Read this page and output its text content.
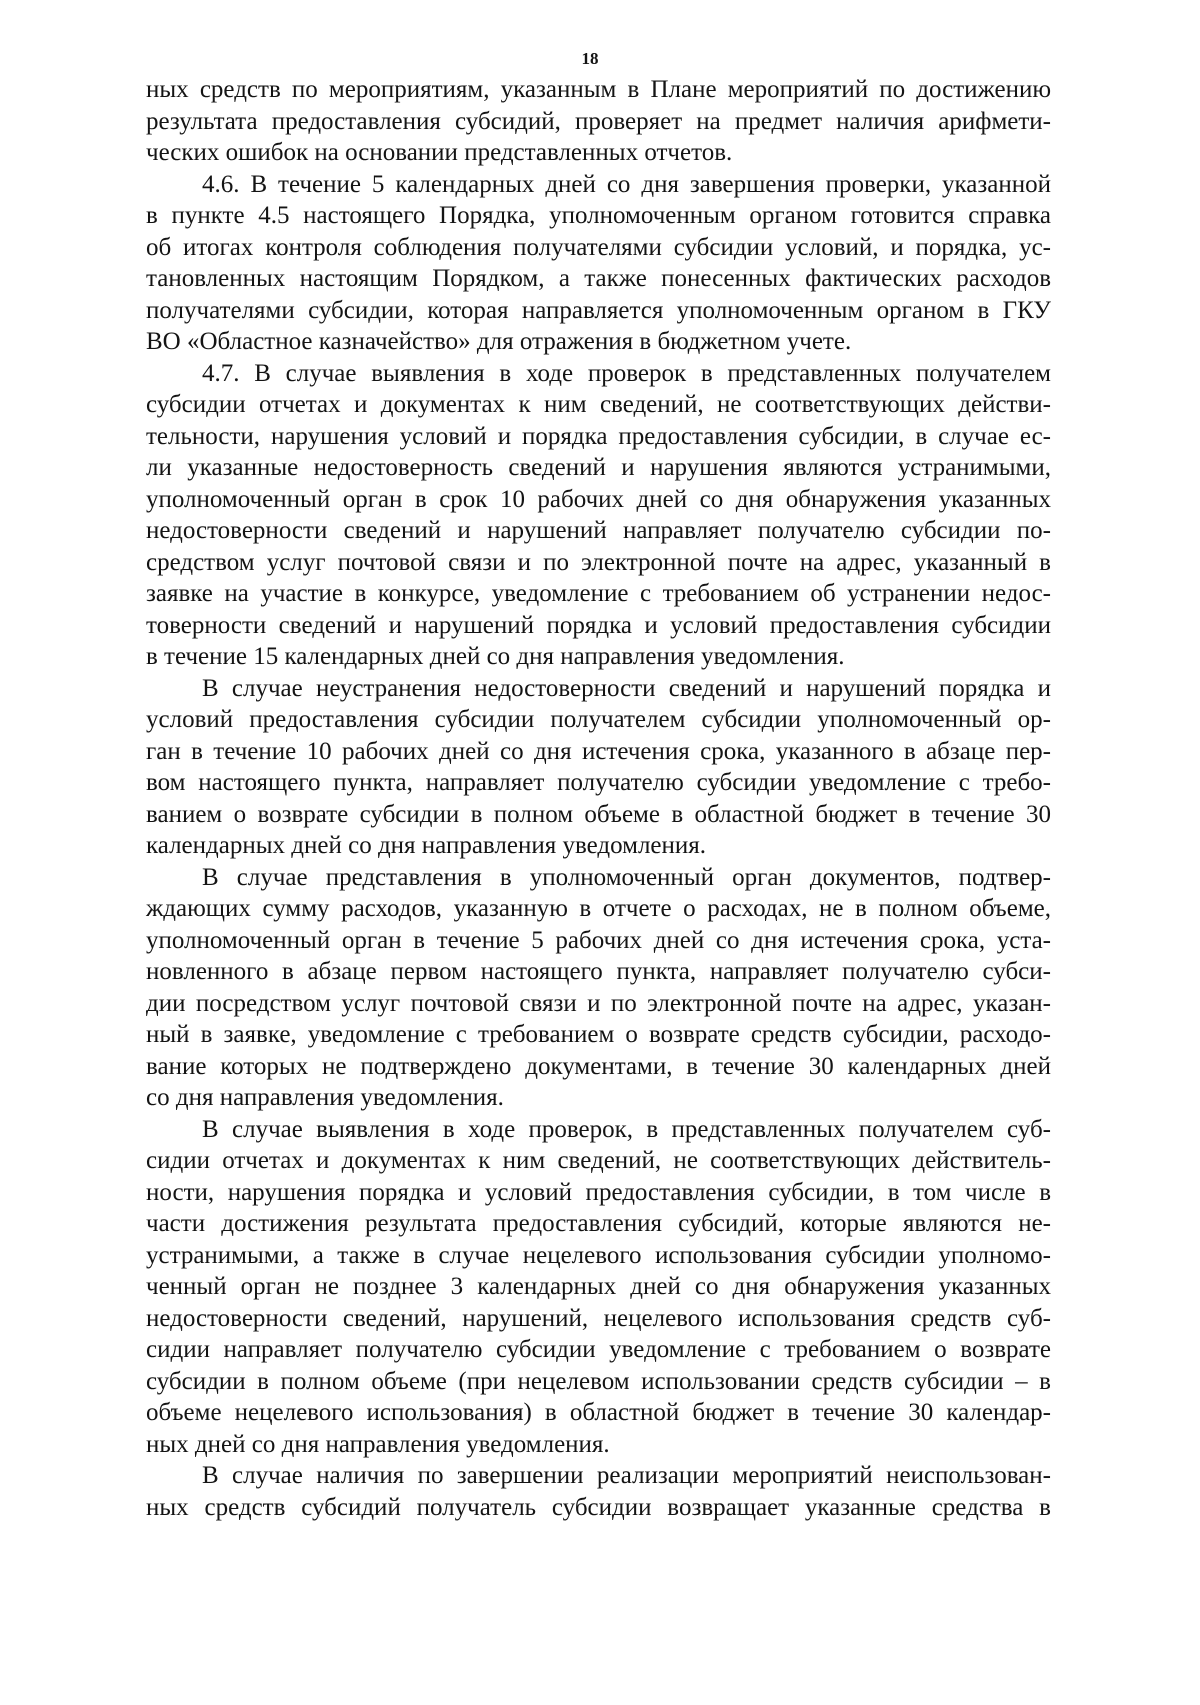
18
ных средств по мероприятиям, указанным в Плане мероприятий по достижению
результата предоставления субсидий, проверяет на предмет наличия арифмети-
ческих ошибок на основании представленных отчетов.
4.6. В течение 5 календарных дней со дня завершения проверки, указанной
в пункте 4.5 настоящего Порядка, уполномоченным органом готовится справка
об итогах контроля соблюдения получателями субсидии условий, и порядка, ус-
тановленных настоящим Порядком, а также понесенных фактических расходов
получателями субсидии, которая направляется уполномоченным органом в ГКУ
ВО «Областное казначейство» для отражения в бюджетном учете.
4.7. В случае выявления в ходе проверок в представленных получателем
субсидии отчетах и документах к ним сведений, не соответствующих действи-
тельности, нарушения условий и порядка предоставления субсидии, в случае ес-
ли указанные недостоверность сведений и нарушения являются устранимыми,
уполномоченный орган в срок 10 рабочих дней со дня обнаружения указанных
недостоверности сведений и нарушений направляет получателю субсидии по-
средством услуг почтовой связи и по электронной почте на адрес, указанный в
заявке на участие в конкурсе, уведомление с требованием об устранении недос-
товерности сведений и нарушений порядка и условий предоставления субсидии
в течение 15 календарных дней со дня направления уведомления.
В случае неустранения недостоверности сведений и нарушений порядка и
условий предоставления субсидии получателем субсидии уполномоченный ор-
ган в течение 10 рабочих дней со дня истечения срока, указанного в абзаце пер-
вом настоящего пункта, направляет получателю субсидии уведомление с требо-
ванием о возврате субсидии в полном объеме в областной бюджет в течение 30
календарных дней со дня направления уведомления.
В случае представления в уполномоченный орган документов, подтвер-
ждающих сумму расходов, указанную в отчете о расходах, не в полном объеме,
уполномоченный орган в течение 5 рабочих дней со дня истечения срока, уста-
новленного в абзаце первом настоящего пункта, направляет получателю субси-
дии посредством услуг почтовой связи и по электронной почте на адрес, указан-
ный в заявке, уведомление с требованием о возврате средств субсидии, расходо-
вание которых не подтверждено документами, в течение 30 календарных дней
со дня направления уведомления.
В случае выявления в ходе проверок, в представленных получателем суб-
сидии отчетах и документах к ним сведений, не соответствующих действитель-
ности, нарушения порядка и условий предоставления субсидии, в том числе в
части достижения результата предоставления субсидий, которые являются не-
устранимыми, а также в случае нецелевого использования субсидии уполномо-
ченный орган не позднее 3 календарных дней со дня обнаружения указанных
недостоверности сведений, нарушений, нецелевого использования средств суб-
сидии направляет получателю субсидии уведомление с требованием о возврате
субсидии в полном объеме (при нецелевом использовании средств субсидии – в
объеме нецелевого использования) в областной бюджет в течение 30 календар-
ных дней со дня направления уведомления.
В случае наличия по завершении реализации мероприятий неиспользован-
ных средств субсидий получатель субсидии возвращает указанные средства в
